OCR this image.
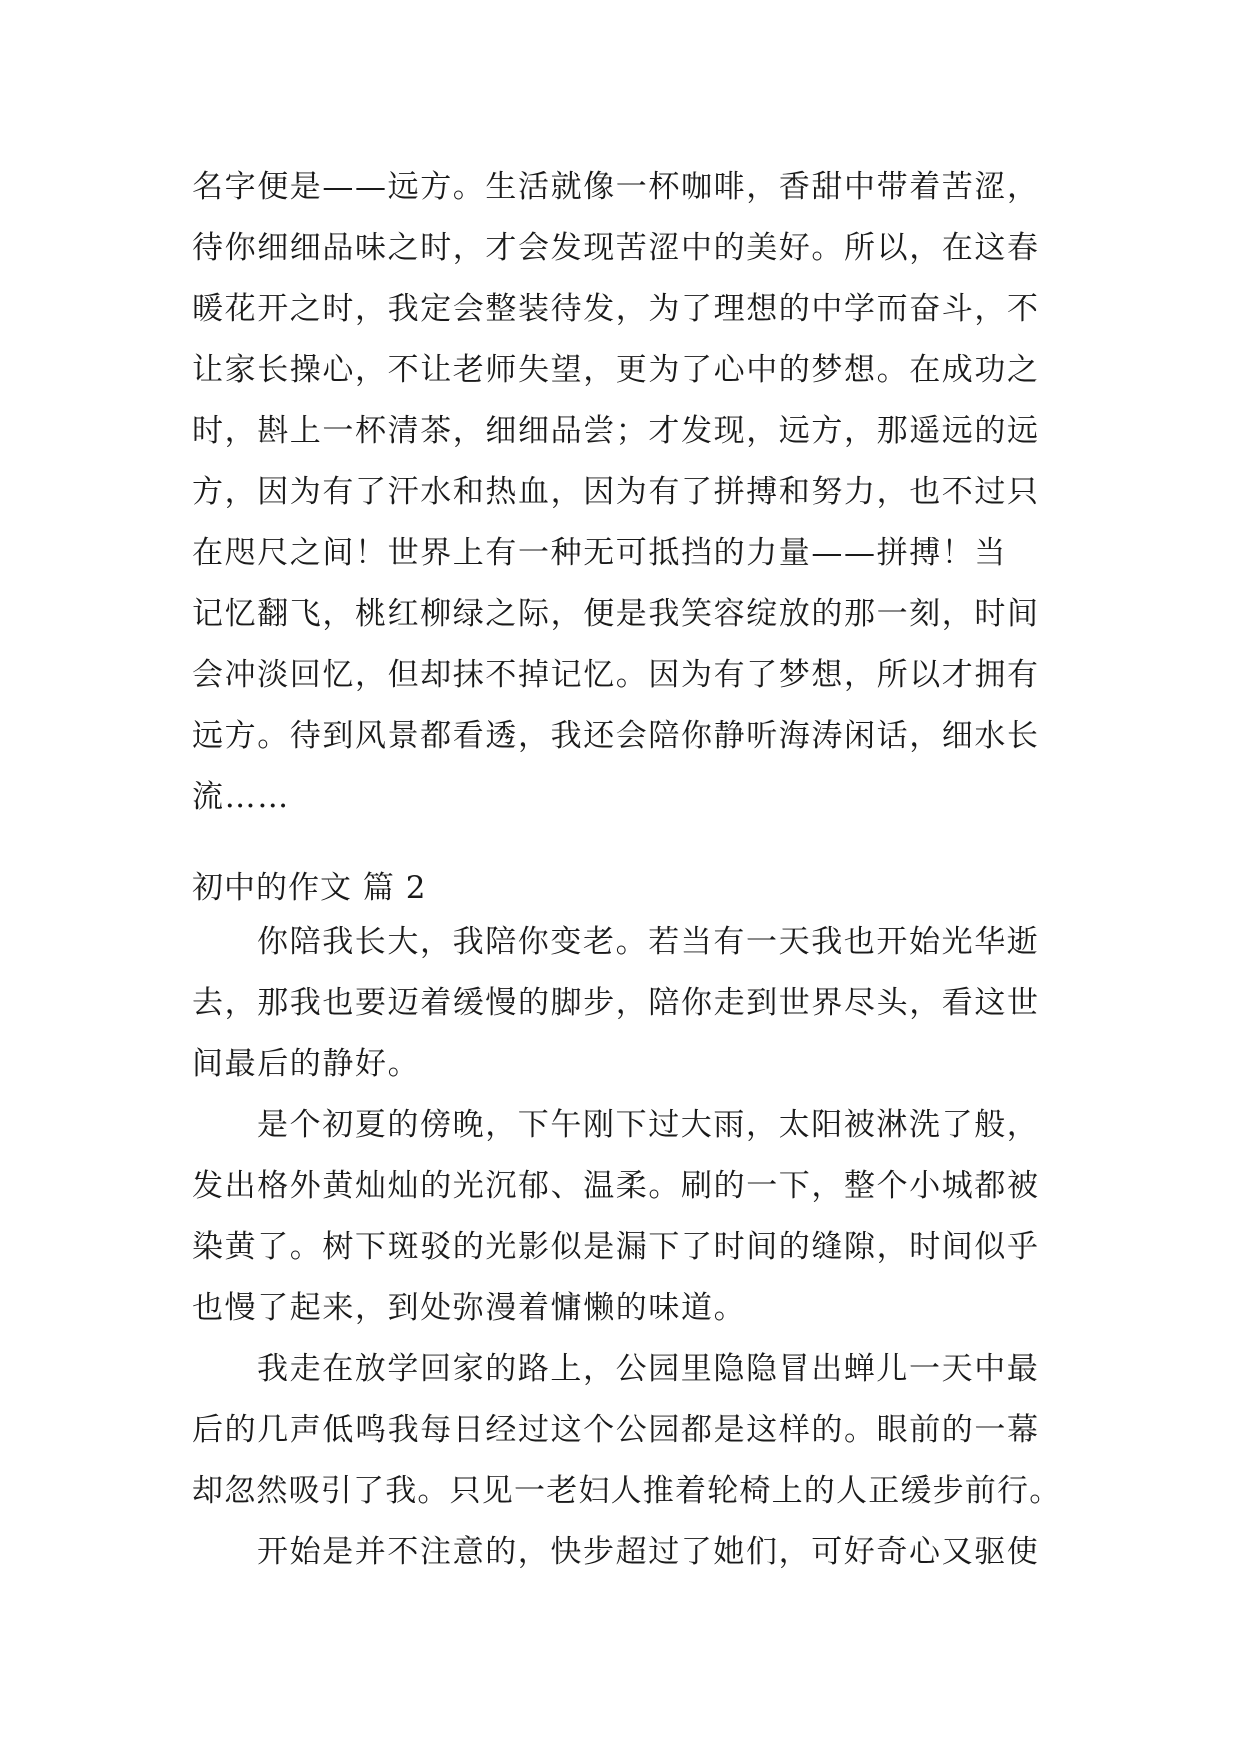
名字便是——远方。生活就像一杯咖啡，香甜中带着苦涩，
待你细细品味之时，才会发现苦涩中的美好。所以，在这春
暖花开之时，我定会整装待发，为了理想的中学而奋斗，不
让家长操心，不让老师失望，更为了心中的梦想。在成功之
时，斟上一杯清茶，细细品尝；才发现，远方，那遥远的远
方，因为有了汗水和热血，因为有了拼搏和努力，也不过只
在咫尺之间！世界上有一种无可抵挡的力量——拼搏！当
记忆翻飞，桃红柳绿之际，便是我笑容绽放的那一刻，时间
会冲淡回忆，但却抹不掉记忆。因为有了梦想，所以才拥有
远方。待到风景都看透，我还会陪你静听海涛闲话，细水长
流……
初中的作文 篇 2
你陪我长大，我陪你变老。若当有一天我也开始光华逝
去，那我也要迈着缓慢的脚步，陪你走到世界尽头，看这世
间最后的静好。
是个初夏的傍晚，下午刚下过大雨，太阳被淋洗了般，
发出格外黄灿灿的光沉郁、温柔。刷的一下，整个小城都被
染黄了。树下斑驳的光影似是漏下了时间的缝隙，时间似乎
也慢了起来，到处弥漫着慵懒的味道。
我走在放学回家的路上，公园里隐隐冒出蝉儿一天中最
后的几声低鸣我每日经过这个公园都是这样的。眼前的一幕
却忽然吸引了我。只见一老妇人推着轮椅上的人正缓步前行。
开始是并不注意的，快步超过了她们，可好奇心又驱使
